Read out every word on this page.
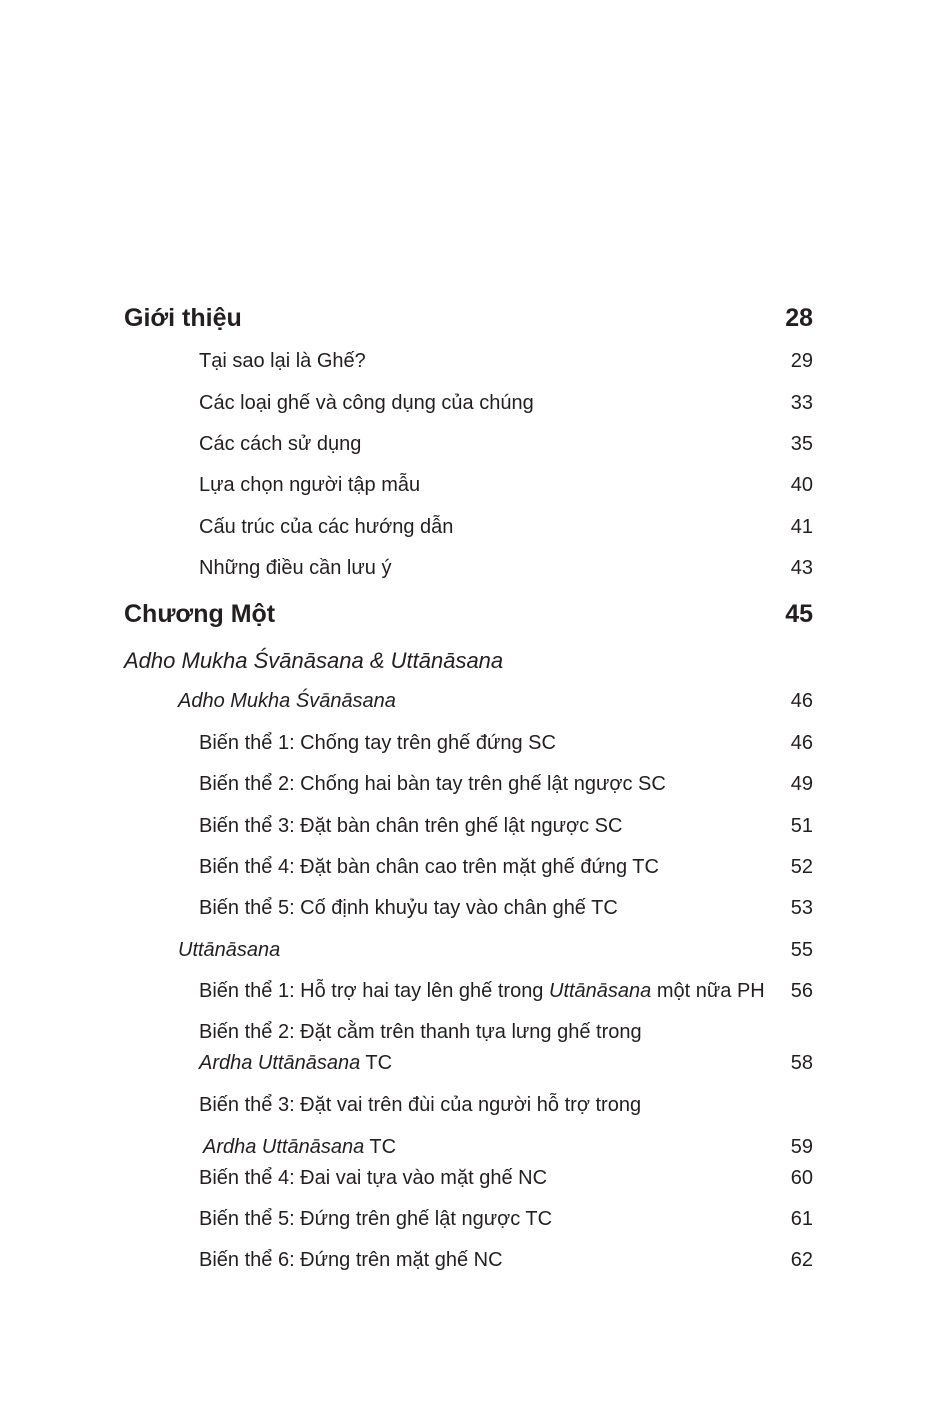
Giới thiệu	28
Tại sao lại là Ghế?	29
Các loại ghế và công dụng của chúng	33
Các cách sử dụng	35
Lựa chọn người tập mẫu	40
Cấu trúc của các hướng dẫn	41
Những điều cần lưu ý	43
Chương Một	45
Adho Mukha Śvānāsana & Uttānāsana
Adho Mukha Śvānāsana	46
Biến thể 1: Chống tay trên ghế đứng SC	46
Biến thể 2: Chống hai bàn tay trên ghế lật ngược SC	49
Biến thể 3: Đặt bàn chân trên ghế lật ngược SC	51
Biến thể 4: Đặt bàn chân cao trên mặt ghế đứng TC	52
Biến thể 5: Cố định khuỷu tay vào chân ghế TC	53
Uttānāsana	55
Biến thể 1: Hỗ trợ hai tay lên ghế trong Uttānāsana một nữa PH 56
Biến thể 2: Đặt cằm trên thanh tựa lưng ghế trong
Ardha Uttānāsana TC	58
Biến thể 3: Đặt vai trên đùi của người hỗ trợ trong
Ardha Uttānāsana TC	59
Biến thể 4: Đai vai tựa vào mặt ghế NC	60
Biến thể 5: Đứng trên ghế lật ngược TC	61
Biến thể 6: Đứng trên mặt ghế NC	62
